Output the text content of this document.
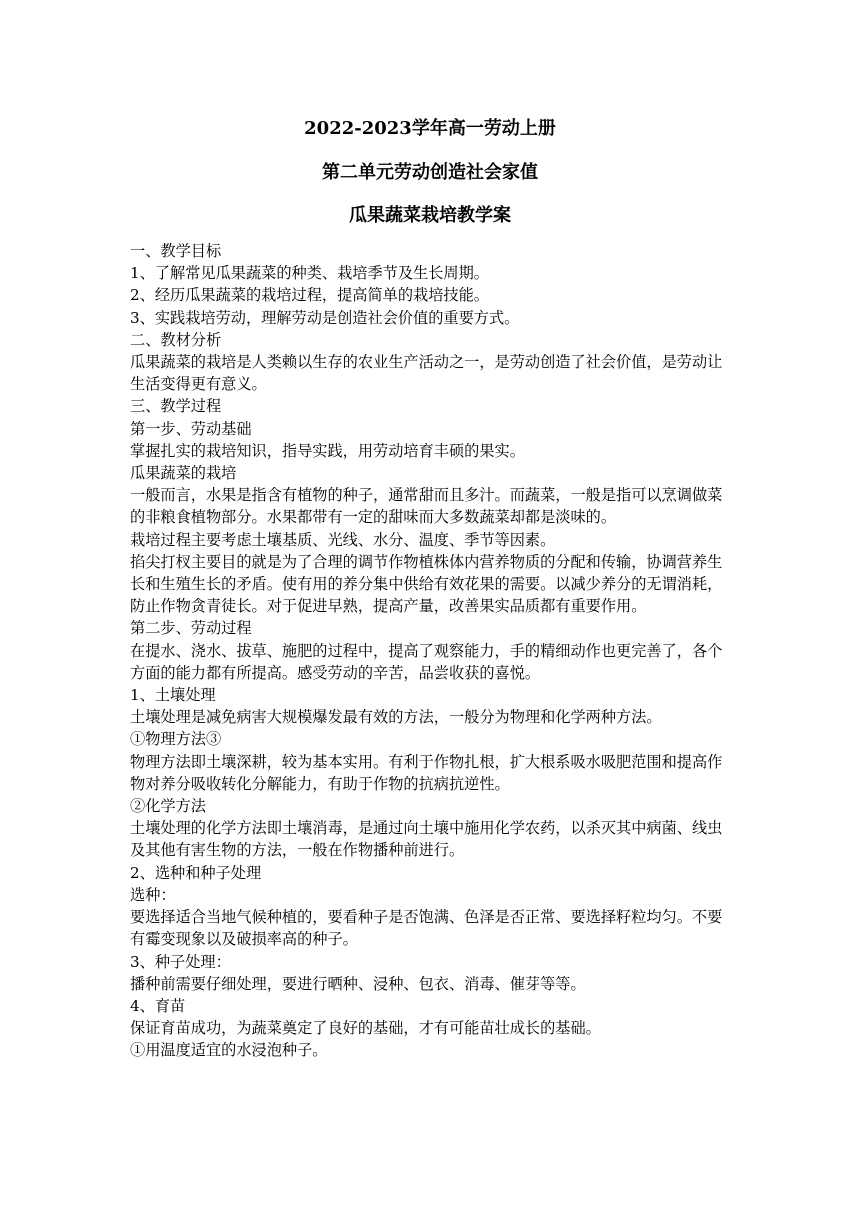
2022-2023学年高一劳动上册
第二单元劳动创造社会家值
瓜果蔬菜栽培教学案

一、教学目标

1、了解常见瓜果蔬菜的种类、栽培季节及生长周期。

2、经历瓜果蔬菜的栽培过程，提高简单的栽培技能。

3、实践栽培劳动，理解劳动是创造社会价值的重要方式。

二、教材分析

瓜果蔬菜的栽培是人类赖以生存的农业生产活动之一，是劳动创造了社会价值，是劳动让生活变得更有意义。

三、教学过程

第一步、劳动基础

掌握扎实的栽培知识，指导实践，用劳动培育丰硕的果实。

瓜果蔬菜的栽培

一般而言，水果是指含有植物的种子，通常甜而且多汁。而蔬菜，一般是指可以烹调做菜的非粮食植物部分。水果都带有一定的甜味而大多数蔬菜却都是淡味的。

栽培过程主要考虑土壤基质、光线、水分、温度、季节等因素。

掐尖打杈主要目的就是为了合理的调节作物植株体内营养物质的分配和传输，协调营养生长和生殖生长的矛盾。使有用的养分集中供给有效花果的需要。以减少养分的无谓消耗，防止作物贪青徒长。对于促进早熟，提高产量，改善果实品质都有重要作用。

第二步、劳动过程

在提水、浇水、拔草、施肥的过程中，提高了观察能力，手的精细动作也更完善了，各个方面的能力都有所提高。感受劳动的辛苦，品尝收获的喜悦。

1、土壤处理

土壤处理是减免病害大规模爆发最有效的方法，一般分为物理和化学两种方法。

①物理方法③

物理方法即土壤深耕，较为基本实用。有利于作物扎根，扩大根系吸水吸肥范围和提高作物对养分吸收转化分解能力，有助于作物的抗病抗逆性。

②化学方法

土壤处理的化学方法即土壤消毒，是通过向土壤中施用化学农药，以杀灭其中病菌、线虫及其他有害生物的方法，一般在作物播种前进行。

2、选种和种子处理

选种：

要选择适合当地气候种植的，要看种子是否饱满、色泽是否正常、要选择籽粒均匀。不要有霉变现象以及破损率高的种子。

3、种子处理：

播种前需要仔细处理，要进行晒种、浸种、包衣、消毒、催芽等等。

4、育苗

保证育苗成功，为蔬菜奠定了良好的基础，才有可能苗壮成长的基础。

①用温度适宜的水浸泡种子。
